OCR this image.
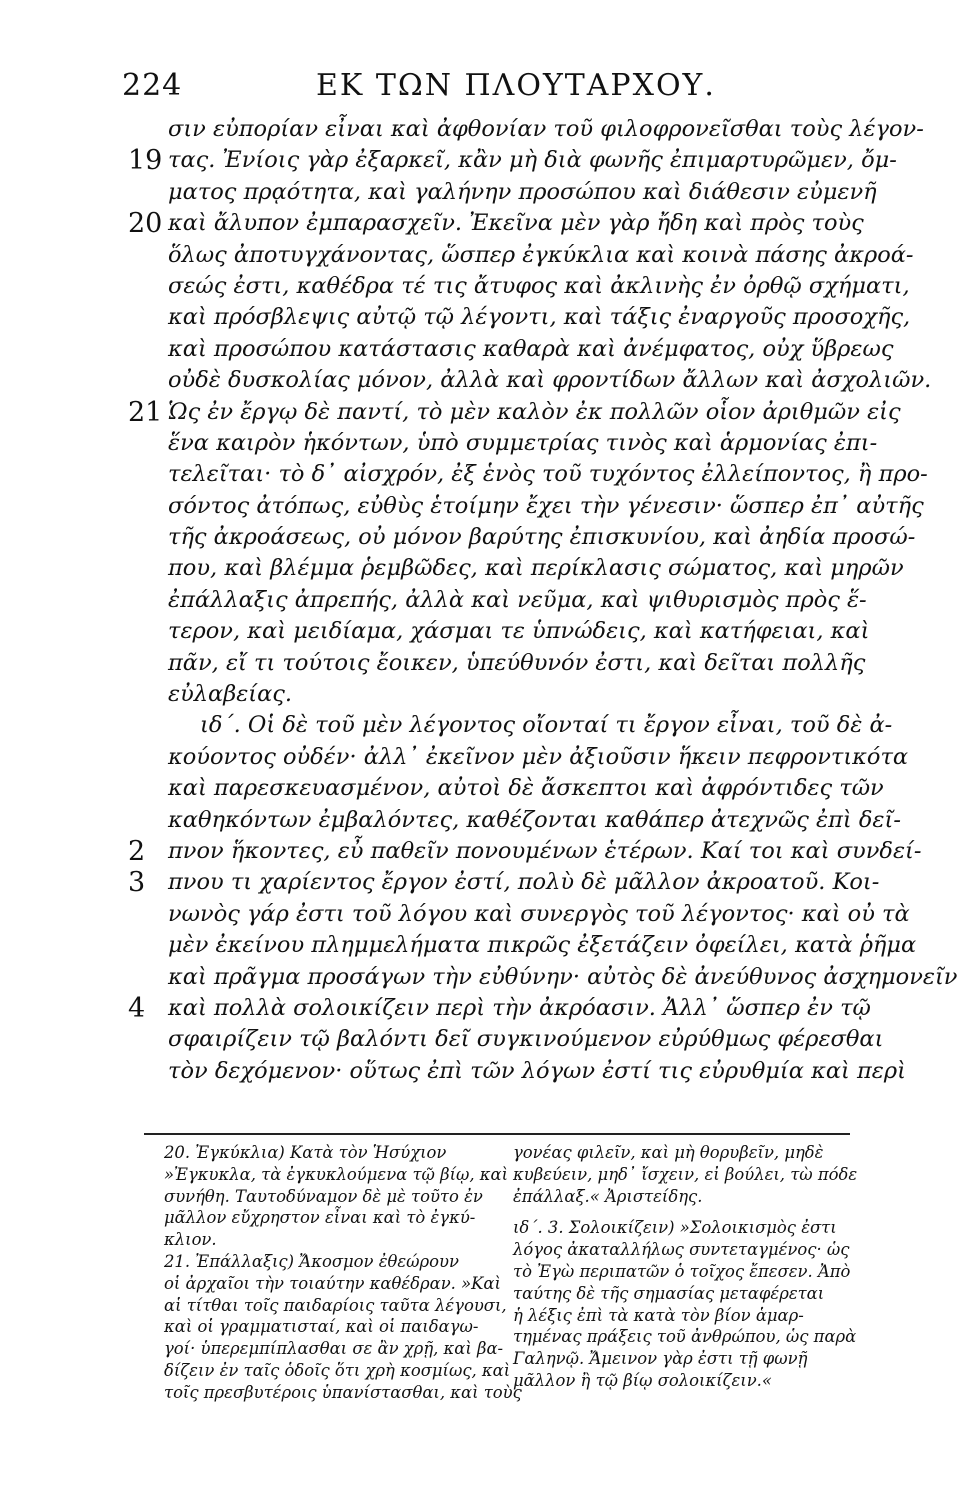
224	ΕΚ ΤΩΝ ΠΛΟΥΤΑΡΧΟΥ.
σιν εὐπορίαν εἶναι καὶ ἀφθονίαν τοῦ φιλοφρονεῖσθαι τοὺς λέγον-
19 τας. Ἐνίοις γὰρ ἐξαρκεῖ, κἂν μὴ διὰ φωνῆς ἐπιμαρτυρῶμεν, ὄμ-
ματος πρᾳότητα, καὶ γαλήνην προσώπου καὶ διάθεσιν εὐμενῆ
20 καὶ ἄλυπον ἐμπαρασχεῖν. Ἐκεῖνα μὲν γὰρ ἤδη καὶ πρὸς τοὺς
ὅλως ἀποτυγχάνοντας, ὥσπερ ἐγκύκλια καὶ κοινὰ πάσης ἀκροά-
σεώς ἐστι, καθέδρα τέ τις ἄτυφος καὶ ἀκλινὴς ἐν ὀρθῷ σχήματι,
καὶ πρόσβλεψις αὐτῷ τῷ λέγοντι, καὶ τάξις ἐναργοῦς προσοχῆς,
καὶ προσώπου κατάστασις καθαρὰ καὶ ἀνέμφατος, οὐχ ὕβρεως
οὐδὲ δυσκολίας μόνον, ἀλλὰ καὶ φροντίδων ἄλλων καὶ ἀσχολιῶν.
21 Ὡς ἐν ἔργῳ δὲ παντί, τὸ μὲν καλὸν ἐκ πολλῶν οἷον ἀριθμῶν εἰς
ἕνα καιρὸν ἡκόντων, ὑπὸ συμμετρίας τινὸς καὶ ἁρμονίας ἐπι-
τελεῖται· τὸ δ᾽ αἰσχρόν, ἐξ ἑνὸς τοῦ τυχόντος ἐλλείποντος, ἢ προ-
σόντος ἀτόπως, εὐθὺς ἑτοίμην ἔχει τὴν γένεσιν· ὥσπερ ἐπ᾽ αὐτῆς
τῆς ἀκροάσεως, οὐ μόνον βαρύτης ἐπισκυνίου, καὶ ἀηδία προσώ-
που, καὶ βλέμμα ῥεμβῶδες, καὶ περίκλασις σώματος, καὶ μηρῶν
ἐπάλλαξις ἀπρεπής, ἀλλὰ καὶ νεῦμα, καὶ ψιθυρισμὸς πρὸς ἕ-
τερον, καὶ μειδίαμα, χάσμαι τε ὑπνώδεις, καὶ κατήφειαι, καὶ
πᾶν, εἴ τι τούτοις ἔοικεν, ὑπεύθυνόν ἐστι, καὶ δεῖται πολλῆς
εὐλαβείας.
ιδ΄. Οἱ δὲ τοῦ μὲν λέγοντος οἴονταί τι ἔργον εἶναι, τοῦ δὲ ἀ-
κούοντος οὐδέν· ἀλλ᾽ ἐκεῖνον μὲν ἀξιοῦσιν ἥκειν πεφροντικότα
καὶ παρεσκευασμένον, αὐτοὶ δὲ ἄσκεπτοι καὶ ἀφρόντιδες τῶν
καθηκόντων ἐμβαλόντες, καθέζονται καθάπερ ἀτεχνῶς ἐπὶ δεῖ-
2 πνον ἥκοντες, εὖ παθεῖν πονουμένων ἑτέρων. Καί τοι καὶ συνδεί-
3 πνου τι χαρίεντος ἔργον ἐστί, πολὺ δὲ μᾶλλον ἀκροατοῦ. Κοι-
νωνὸς γάρ ἐστι τοῦ λόγου καὶ συνεργὸς τοῦ λέγοντος· καὶ οὐ τὰ
μὲν ἐκείνου πλημμελήματα πικρῶς ἐξετάζειν ὀφείλει, κατὰ ῥῆμα
καὶ πρᾶγμα προσάγων τὴν εὐθύνην· αὐτὸς δὲ ἀνεύθυνος ἀσχημονεῖν
4 καὶ πολλὰ σολοικίζειν περὶ τὴν ἀκρόασιν. Ἀλλ᾽ ὥσπερ ἐν τῷ
σφαιρίζειν τῷ βαλόντι δεῖ συγκινούμενον εὐρύθμως φέρεσθαι
τὸν δεχόμενον· οὕτως ἐπὶ τῶν λόγων ἐστί τις εὐρυθμία καὶ περὶ
20. Ἐγκύκλια) Κατὰ τὸν Ἡσύχιον
»Ἐγκυκλα, τὰ ἐγκυκλούμενα τῷ βίῳ, καὶ
συνήθη. Ταυτοδύναμον δὲ μὲ τοῦτο ἐν
μᾶλλον εὔχρηστον εἶναι καὶ τὸ ἐγκύ-
κλιον.
21. Ἐπάλλαξις) Ἄκοσμον ἐθεώρουν
οἱ ἀρχαῖοι τὴν τοιαύτην καθέδραν. »Καὶ
αἱ τίτθαι τοῖς παιδαρίοις ταῦτα λέγουσι,
καὶ οἱ γραμματισταί, καὶ οἱ παιδαγω-
γοί· ὑπερεμπίπλασθαι σε ἂν χρῇ, καὶ βα-
δίζειν ἐν ταῖς ὁδοῖς ὅτι χρὴ κοσμίως, καὶ
τοῖς πρεσβυτέροις ὑπανίστασθαι, καὶ τοὺς
γονέας φιλεῖν, καὶ μὴ θορυβεῖν, μηδὲ
κυβεύειν, μηδ᾽ ἴσχειν, εἰ βούλει, τὼ πόδε
ἐπάλλαξ.« Ἀριστείδης.
ιδ΄. 3. Σολοικίζειν) »Σολοικισμὸς ἐστι
λόγος ἀκαταλλήλως συντεταγμένος· ὡς
τὸ Ἐγὼ περιπατῶν ὁ τοῖχος ἔπεσεν. Ἀπὸ
ταύτης δὲ τῆς σημασίας μεταφέρεται
ἡ λέξις ἐπὶ τὰ κατὰ τὸν βίον ἁμαρ-
τημένας πράξεις τοῦ ἀνθρώπου, ὡς παρὰ
Γαληνῷ. Ἄμεινον γὰρ ἐστι τῇ φωνῇ
μᾶλλον ἢ τῷ βίῳ σολοικίζειν.«
